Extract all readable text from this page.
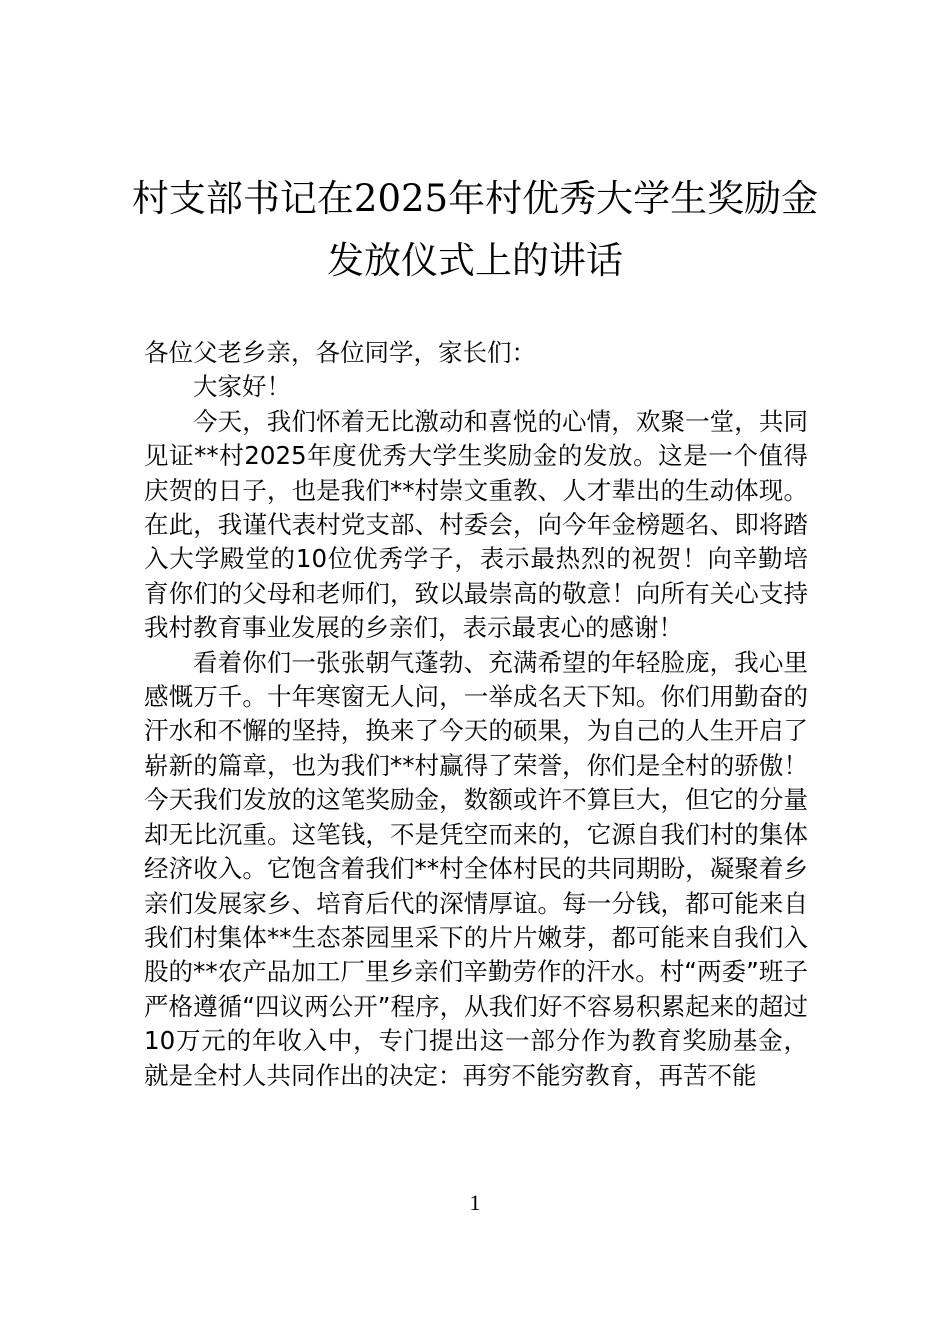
村支部书记在2025年村优秀大学生奖励金
发放仪式上的讲话

各位父老乡亲，各位同学，家长们：

大家好！

今天，我们怀着无比激动和喜悦的心情，欢聚一堂，共同见证**村2025年度优秀大学生奖励金的发放。这是一个值得庆贺的日子，也是我们**村崇文重教、人才辈出的生动体现。在此，我谨代表村党支部、村委会，向今年金榜题名、即将踏入大学殿堂的10位优秀学子，表示最热烈的祝贺！向辛勤培育你们的父母和老师们，致以最崇高的敬意！向所有关心支持我村教育事业发展的乡亲们，表示最衷心的感谢！

看着你们一张张朝气蓬勃、充满希望的年轻脸庞，我心里感慨万千。十年寒窗无人问，一举成名天下知。你们用勤奋的汗水和不懈的坚持，换来了今天的硕果，为自己的人生开启了崭新的篇章，也为我们**村赢得了荣誉，你们是全村的骄傲！今天我们发放的这笔奖励金，数额或许不算巨大，但它的分量却无比沉重。这笔钱，不是凭空而来的，它源自我们村的集体经济收入。它饱含着我们**村全体村民的共同期盼，凝聚着乡亲们发展家乡、培育后代的深情厚谊。每一分钱，都可能来自我们村集体**生态茶园里采下的片片嫩芽，都可能来自我们入股的**农产品加工厂里乡亲们辛勤劳作的汗水。村“两委”班子严格遵循“四议两公开”程序，从我们好不容易积累起来的超过10万元的年收入中，专门提出这一部分作为教育奖励基金，就是全村人共同作出的决定：再穷不能穷教育，再苦不能

1
